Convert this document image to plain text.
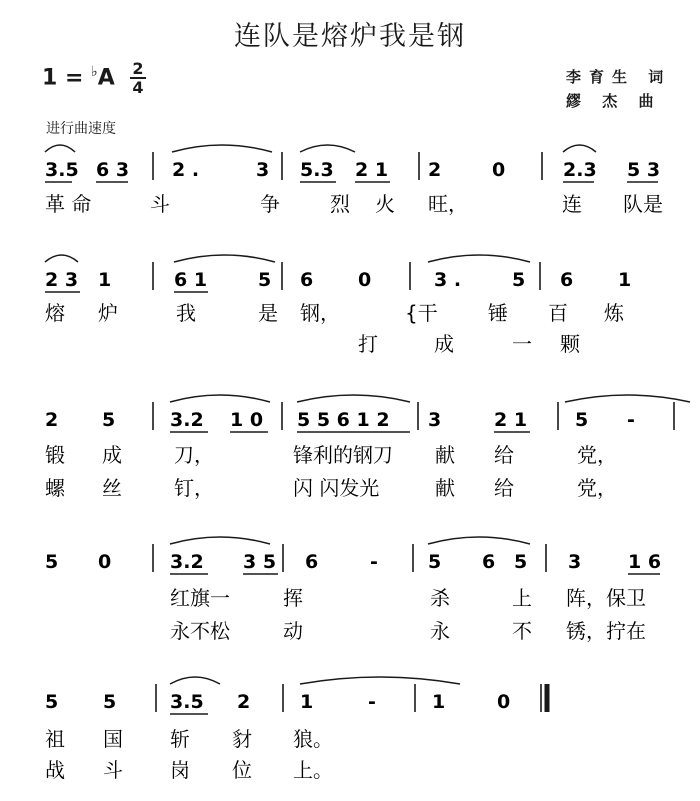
连队是熔炉我是钢
1 = ♭A 2
4
李育生 词
繆 杰 曲
进行曲速度
3.5 6 3 2 .	3 5.3 2 1 2	0	2.3 5 3
革 命	斗	争	烈 火 旺，	连 队是
2 3 1	6 1	5 6 0	3 .	5 6 1
熔 炉	我	是 钢，	{干	锤 百 炼
打	成	一 颗
2 5	3.2 1 0 5 5 6 1 2 3	2 1	5 -
锻 成	刀，	锋利的钢刀 献 给	党，
螺 丝	钉，	闪 闪发光	献 给	党，
5 0	3.2 3 5 6	-	5 6 5 3 1 6
红旗一	挥	杀	上 阵，保卫
永不松	动	永	不 锈，拧在
5 5	3.5 2	1	-	1	0
祖 国 斩 豺 狼。
战 斗 岗 位 上。
